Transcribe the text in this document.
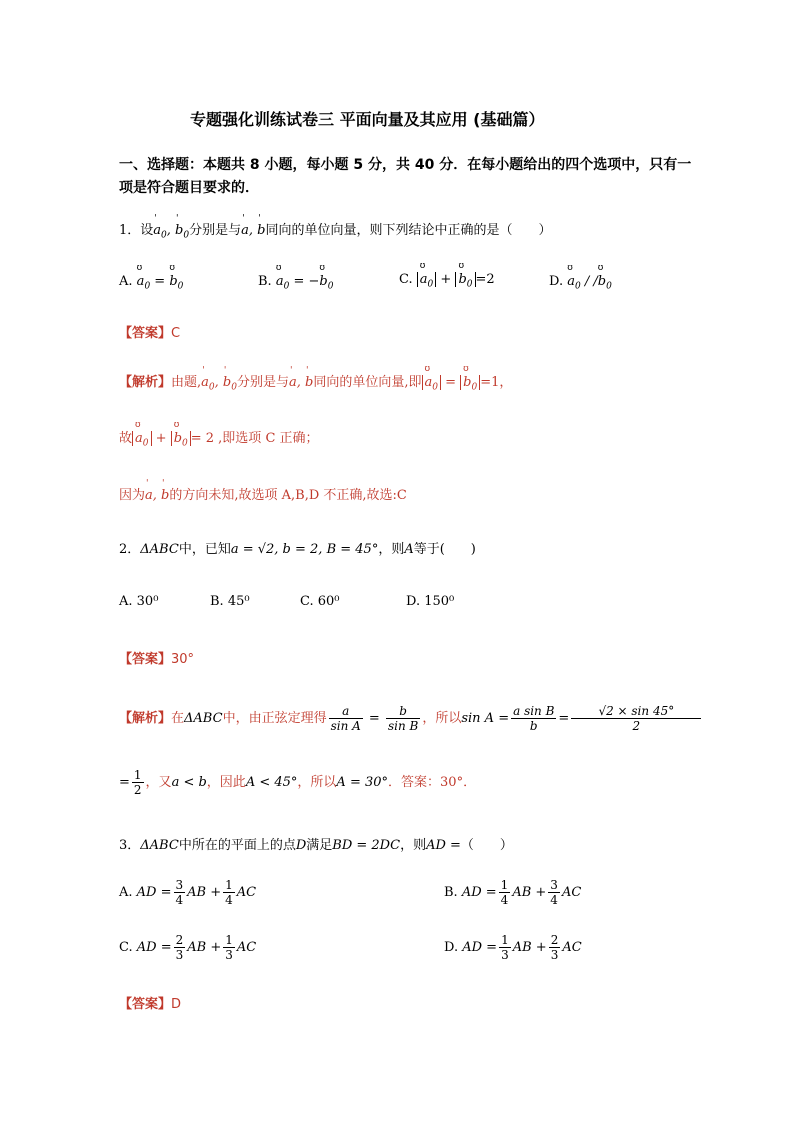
专题强化训练试卷三 平面向量及其应用 (基础篇）
一、选择题：本题共 8 小题，每小题 5 分，共 40 分．在每小题给出的四个选项中，只有一
项是符合题目要求的．
1．设' $a_0$, ' $b_0$分别是与' a, ' b同向的单位向量，则下列结论中正确的是（　　）
A. ʊ $a_0$ = ʊ $b_0$	B. ʊ $a_0$ = −ʊ $b_0$	C. ʊ $a_0$ + ʊ $b_0 =2$	D. ʊ $a_0$ / /ʊ $b_0$
【答案】C
【解析】由题,' $a_0$, ' $b_0$分别是与' a, ' b同向的单位向量,即 ʊ $a_0$ = ʊ $b_0 =1$，
故 ʊ $a_0$ + ʊ $b_0 = 2$ ,即选项 C 正确；
因为' a, ' b的方向未知,故选项 A,B,D 不正确,故选:C
2．ΔABC中，已知a = √2, b = 2, B = 45°，则A等于(　　)
A. 30⁰	B. 45⁰	C. 60⁰	D. 150⁰
【答案】30°
【解析】在ΔABC中，由正弦定理得 $\frac{a}{\text{sin A}} = \frac{b}{\text{sin B}}$ ，所以$\sin A = \frac{\text{a sin B}}{b} = \frac{√2 \times \sin 45^\circ}{2}$
= $\frac{1}{2}$ ，又a < b，因此A < 45°，所以A = 30°．答案：30°．
3．ΔABC中所在的平面上的点D满足BD = 2DC，则AD =（　　）
A. AD = $\frac{3}{4}$ AB + $\frac{1}{4}$ AC	B. AD = $\frac{1}{4}$ AB + $\frac{3}{4}$ AC
C. AD = $\frac{2}{3}$ AB + $\frac{1}{3}$ AC	D. AD = $\frac{1}{3}$ AB + $\frac{2}{3}$ AC
【答案】D
